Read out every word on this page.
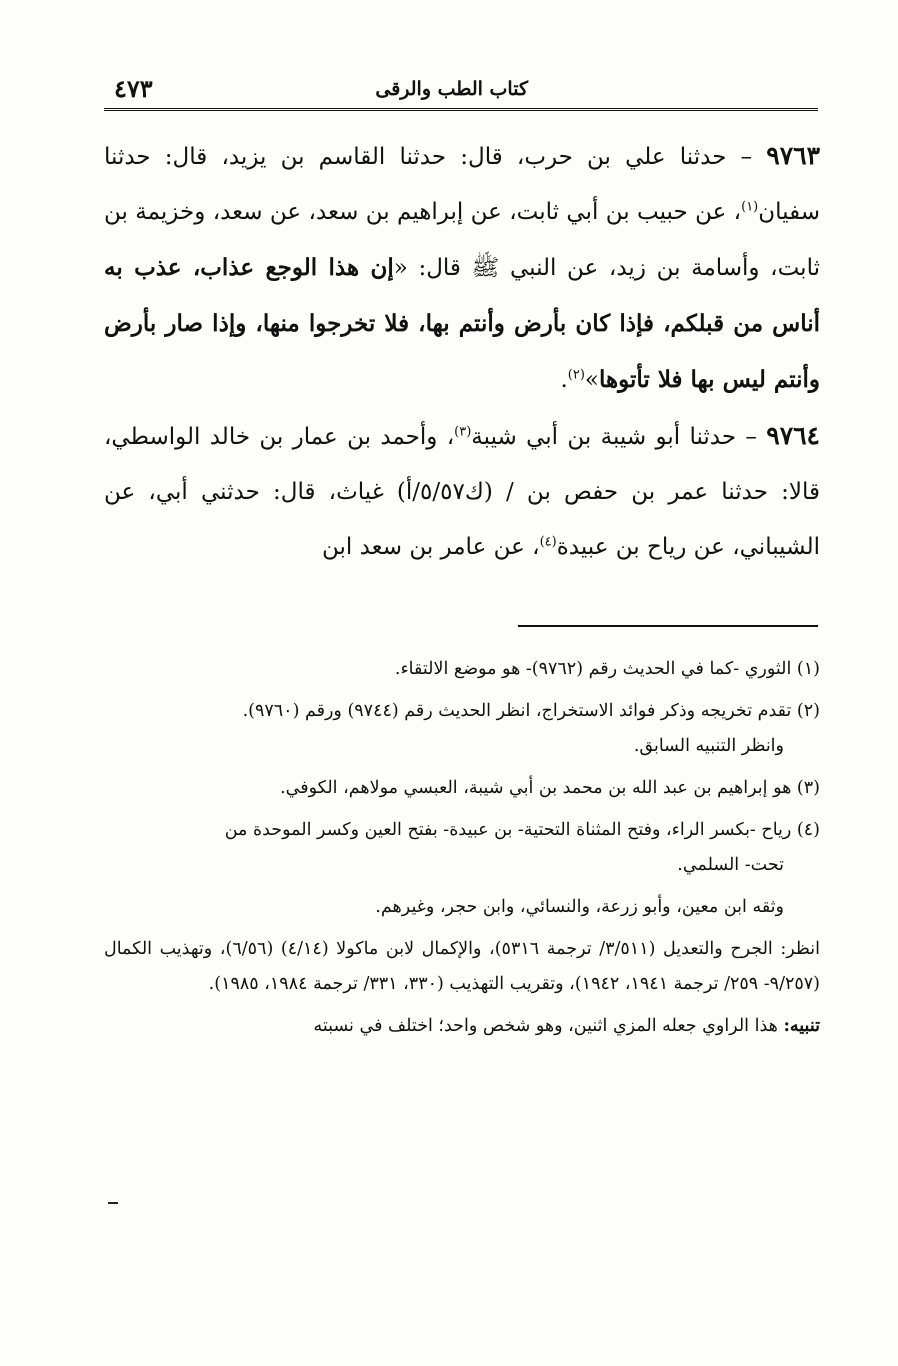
كتاب الطب والرقى
٤٧٣

٩٧٦٣ – حدثنا علي بن حرب، قال: حدثنا القاسم بن يزيد، قال: حدثنا سفيان$^{(١)}$، عن حبيب بن أبي ثابت، عن إبراهيم بن سعد، عن سعد، وخزيمة بن ثابت، وأسامة بن زيد، عن النبي ﷺ قال: «إن هذا الوجع عذاب، عذب به أناس من قبلكم، فإذا كان بأرض وأنتم بها، فلا تخرجوا منها، وإذا صار بأرض وأنتم ليس بها فلا تأتوها»$^{(٢)}$.

٩٧٦٤ – حدثنا أبو شيبة بن أبي شيبة$^{(٣)}$، وأحمد بن عمار بن خالد الواسطي، قالا: حدثنا عمر بن حفص بن / (ك٥/٥٧/أ) غياث، قال: حدثني أبي، عن الشيباني، عن رياح بن عبيدة$^{(٤)}$، عن عامر بن سعد ابن

(١) الثوري -كما في الحديث رقم (٩٧٦٢)- هو موضع الالتقاء.

(٢) تقدم تخريجه وذكر فوائد الاستخراج، انظر الحديث رقم (٩٧٤٤) ورقم (٩٧٦٠).

وانظر التنبيه السابق.

(٣) هو إبراهيم بن عبد الله بن محمد بن أبي شيبة، العبسي مولاهم، الكوفي.

(٤) رياح -بكسر الراء، وفتح المثناة التحتية- بن عبيدة- بفتح العين وكسر الموحدة من

تحت- السلمي.

وثقه ابن معين، وأبو زرعة، والنسائي، وابن حجر، وغيرهم.

انظر: الجرح والتعديل (٣/٥١١/ ترجمة ٥٣١٦)، والإكمال لابن ماكولا (٤/١٤) (٦/٥٦)، وتهذيب الكمال (٩/٢٥٧- ٢٥٩/ ترجمة ١٩٤١، ١٩٤٢)، وتقريب التهذيب (٣٣٠، ٣٣١/ ترجمة ١٩٨٤، ١٩٨٥).

تنبيه: هذا الراوي جعله المزي اثنين، وهو شخص واحد؛ اختلف في نسبته
